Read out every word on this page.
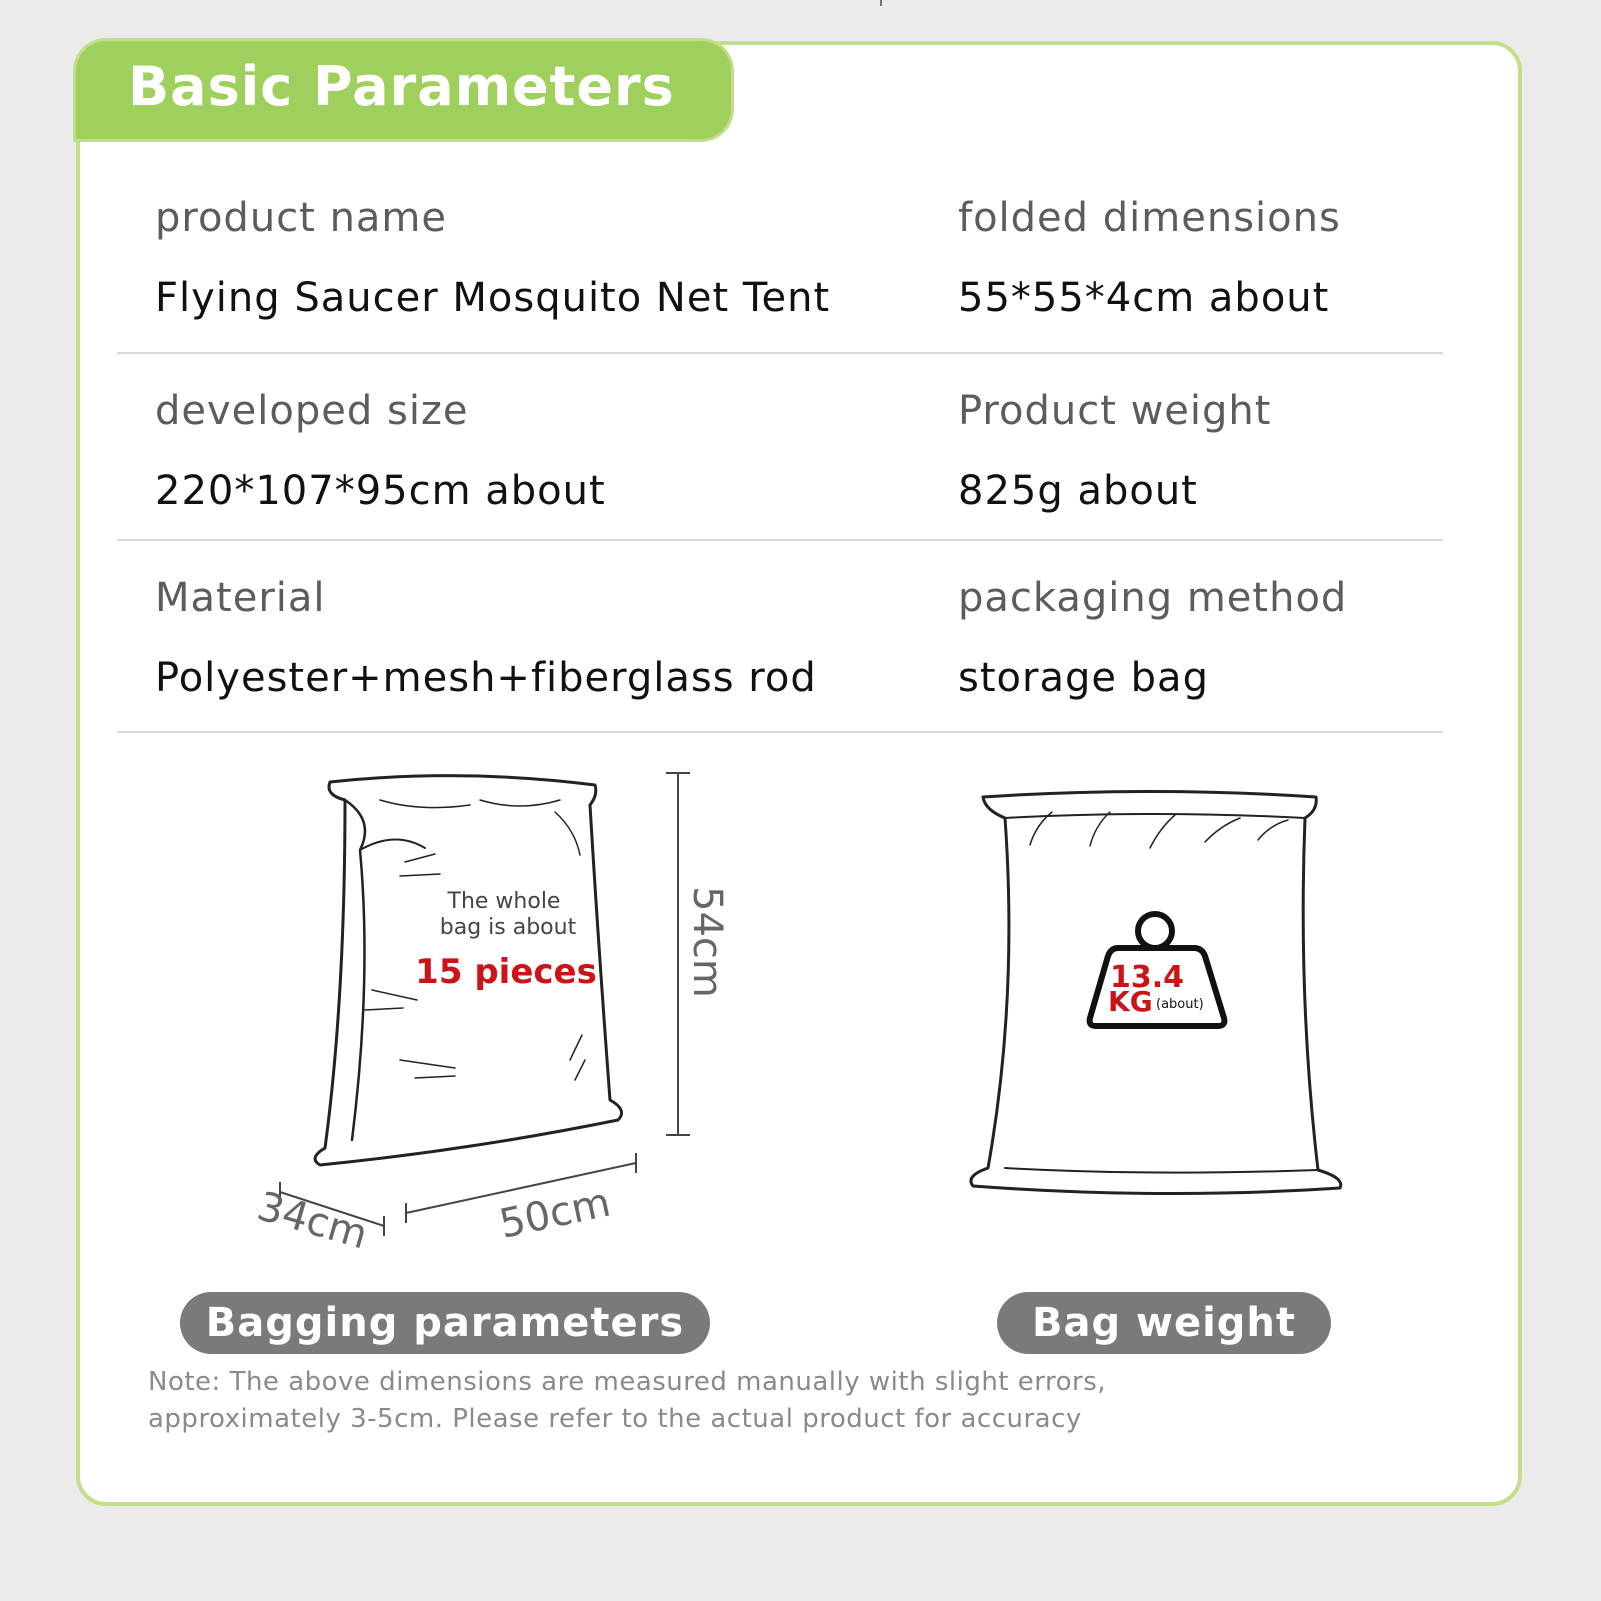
Basic Parameters
product name
Flying Saucer Mosquito Net Tent
folded dimensions
55*55*4cm about
developed size
220*107*95cm about
Product weight
825g about
Material
Polyester+mesh+fiberglass rod
packaging method
storage bag
The whole
bag is about
15 pieces 54cm
50cm
34cm
13.4
KG (about)
Bagging parameters	Bag weight
Note: The above dimensions are measured manually with slight errors, approximately 3-5cm. Please refer to the actual product for accuracy
